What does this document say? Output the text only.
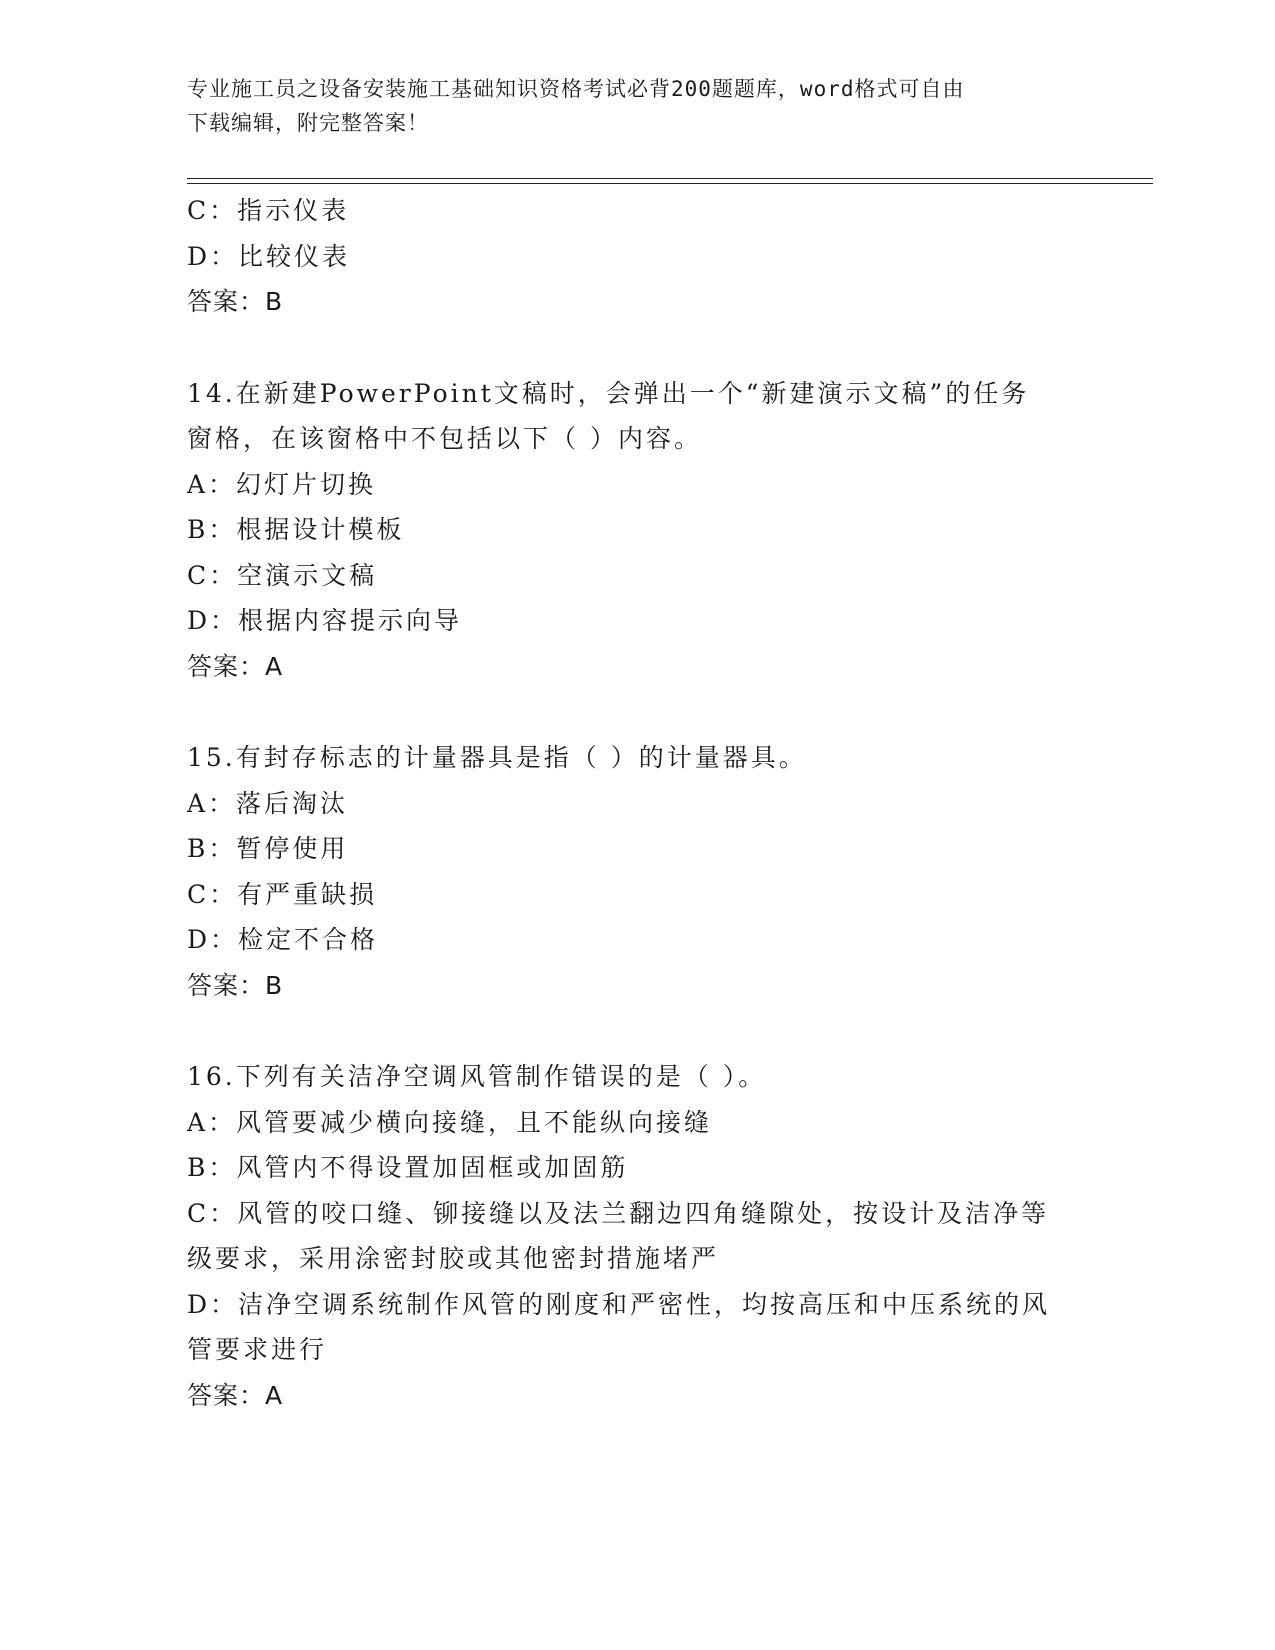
专业施工员之设备安装施工基础知识资格考试必背200题题库，word格式可自由
下载编辑，附完整答案！

C：指示仪表

D：比较仪表

答案：B

14.在新建PowerPoint文稿时，会弹出一个“新建演示文稿”的任务

窗格，在该窗格中不包括以下（ ）内容。

A：幻灯片切换

B：根据设计模板

C：空演示文稿

D：根据内容提示向导

答案：A

15.有封存标志的计量器具是指（ ）的计量器具。

A：落后淘汰

B：暂停使用

C：有严重缺损

D：检定不合格

答案：B

16.下列有关洁净空调风管制作错误的是（ ）。

A：风管要减少横向接缝，且不能纵向接缝

B：风管内不得设置加固框或加固筋

C：风管的咬口缝、铆接缝以及法兰翻边四角缝隙处，按设计及洁净等

级要求，采用涂密封胶或其他密封措施堵严

D：洁净空调系统制作风管的刚度和严密性，均按高压和中压系统的风

管要求进行

答案：A
